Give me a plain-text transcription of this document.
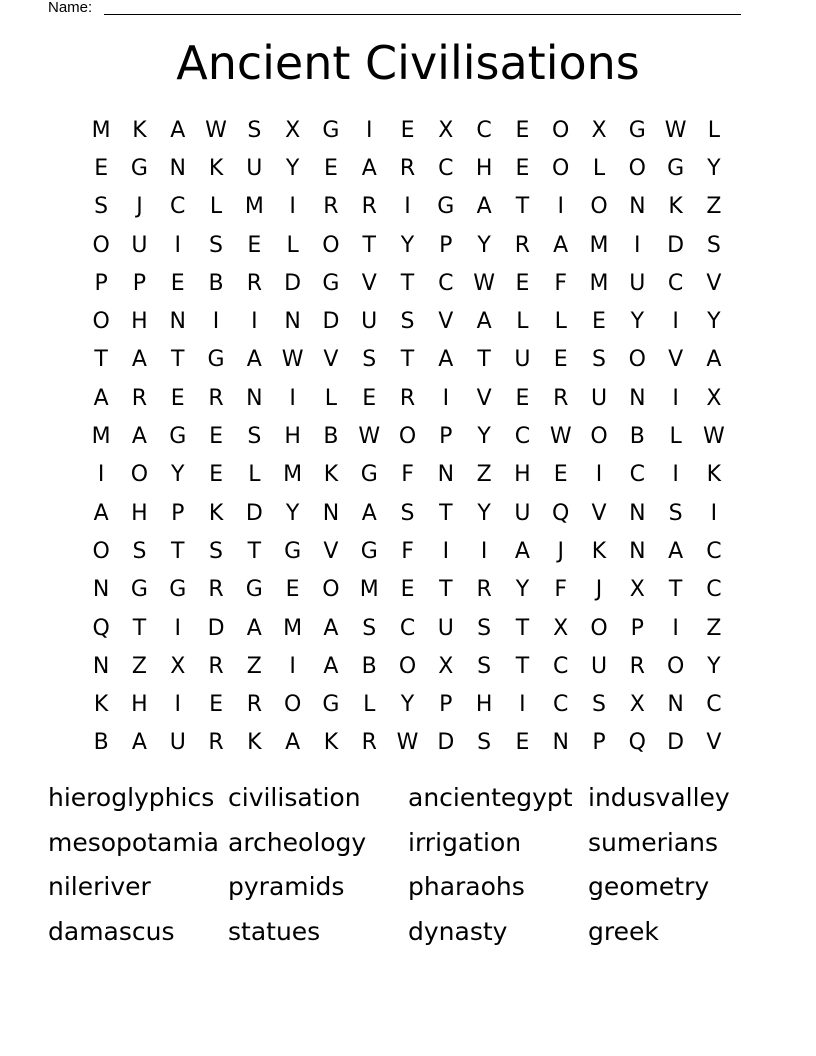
Name:
Ancient Civilisations
M K	A W S	X	G	I	E	X	C	E	O	X	G W L
E	G N	K	U	Y	E	A	R	C	H	E	O	L	O G	Y
S	J	C	L	M	I	R	R	I	G	A	T	I	O N	K	Z
O U	I	S	E	L	O	T	Y	P	Y	R	A M	I	D	S
P	P	E	B	R	D G	V	T	C W E	F	M U	C	V
O H N	I	I	N D U	S	V	A	L	L	E	Y	I	Y
T	A	T	G	A W V	S	T	A	T	U	E	S	O	V	A
A	R	E	R	N	I	L	E	R	I	V	E	R	U	N	I	X
M A	G	E	S	H	B W O	P	Y	C W O	B	L W
I	O	Y	E	L	M K	G	F	N	Z	H	E	I	C	I	K
A	H	P	K	D	Y	N	A	S	T	Y	U Q	V	N	S	I
O	S	T	S	T	G	V	G	F	I	I	A	J	K	N	A	C
N G G	R	G	E	O M E	T	R	Y	F	J	X	T	C
Q	T	I	D	A M A	S	C	U	S	T	X	O	P	I	Z
N	Z	X	R	Z	I	A	B	O	X	S	T	C	U	R O	Y
K	H	I	E	R O G	L	Y	P	H	I	C	S	X	N	C
B	A	U	R	K	A	K	R W D	S	E	N	P	Q D	V
hieroglyphics civilisation	ancientegypt indusvalley
mesopotamia archeology	irrigation	sumerians
nileriver	pyramids	pharaohs	geometry
damascus	statues	dynasty	greek
